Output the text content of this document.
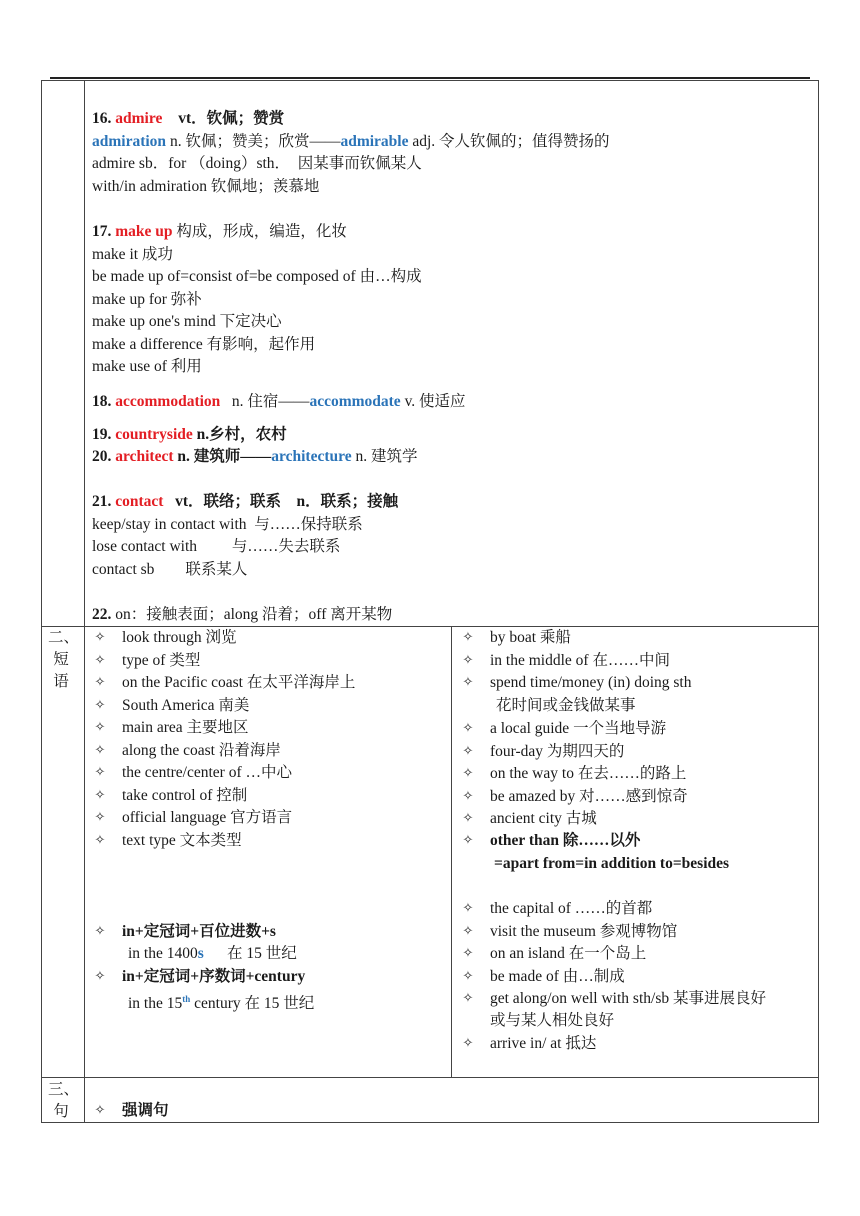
16. admire vt．钦佩；赞赏
admiration n. 钦佩；赞美；欣赏——admirable adj. 令人钦佩的；值得赞扬的
admire sb．for （doing）sth．　因某事而钦佩某人
with/in admiration 钦佩地；羡慕地
17. make up 构成，形成，编造，化妆
make it 成功
be made up of=consist of=be composed of 由…构成
make up for 弥补
make up one's mind 下定决心
make a difference 有影响，起作用
make use of 利用
18. accommodation   n. 住宿——accommodate v. 使适应
19. countryside n.乡村，农村
20. architect n. 建筑师——architecture n. 建筑学
21. contact   vt．联络；联系　n．联系；接触
keep/stay in contact with  与……保持联系
lose contact with         与……失去联系
contact sb        联系某人
22. on：接触表面；along 沿着；off 离开某物
二、
短
语
✧ look through 浏览
✧ type of 类型
✧ on the Pacific coast 在太平洋海岸上
✧ South America 南美
✧ main area 主要地区
✧ along the coast 沿着海岸
✧ the centre/center of …中心
✧ take control of 控制
✧ official language 官方语言
✧ text type 文本类型
✧ in+定冠词+百位进数+s
in the 1400s      在 15 世纪
✧ in+定冠词+序数词+century
in the 15th century 在 15 世纪
✧ by boat 乘船
✧ in the middle of 在……中间
✧ spend time/money (in) doing sth
花时间或金钱做某事
✧ a local guide 一个当地导游
✧ four-day 为期四天的
✧ on the way to 在去……的路上
✧ be amazed by 对……感到惊奇
✧ ancient city 古城
✧ other than 除……以外
=apart from=in addition to=besides
✧ the capital of ……的首都
✧ visit the museum 参观博物馆
✧ on an island 在一个岛上
✧ be made of 由…制成
✧ get along/on well with sth/sb 某事进展良好
或与某人相处良好
✧ arrive in/ at 抵达
三、
句	✧ 强调句
